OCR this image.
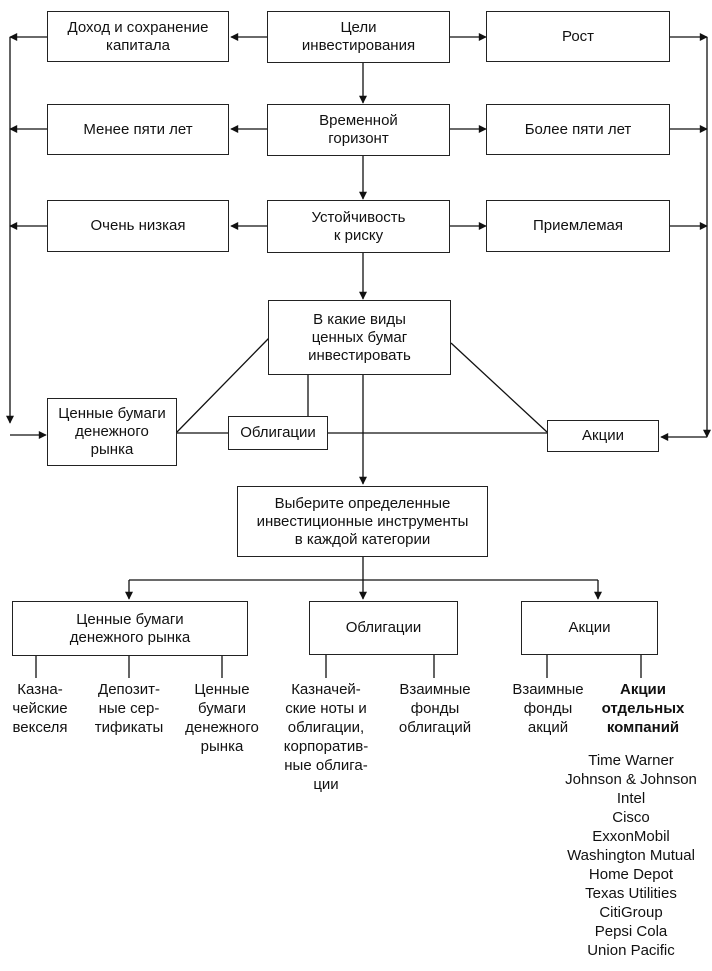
Доход и сохранение
капитала
Цели
инвестирования
Рост
Менее пяти лет	Временной
горизонт
Более пяти лет
Очень низкая	Устойчивость
к риску
Приемлемая
В какие виды
ценных бумаг
инвестировать
Ценные бумаги
денежного
рынка
Облигации	Акции
Выберите определенные
инвестиционные инструменты
в каждой категории
Ценные бумаги
денежного рынка
Облигации	Акции
Казна-
чейские
векселя
Депозит-
ные сер-
тификаты
Ценные
бумаги
денежного
рынка
Казначей-
ские ноты и
облигации,
корпоратив-
ные облига-
ции
Взаимные
фонды
облигаций
Взаимные
фонды
акций
Акции
отдельных
компаний
Time Warner
Johnson & Johnson
Intel
Cisco
ExxonMobil
Washington Mutual
Home Depot
Texas Utilities
CitiGroup
Pepsi Cola
Union Pacific
